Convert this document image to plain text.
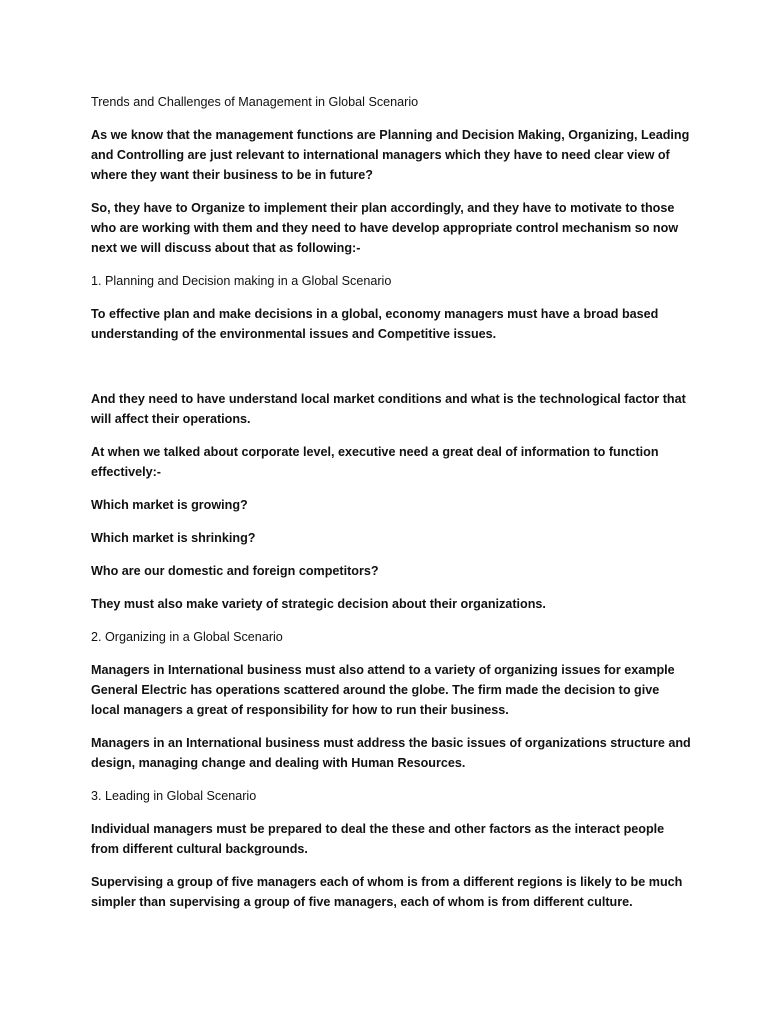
Trends and Challenges of Management in Global Scenario

As we know that the management functions are Planning and Decision Making, Organizing, Leading and Controlling are just relevant to international managers which they have to need clear view of where they want their business to be in future?

So, they have to Organize to implement their plan accordingly, and they have to motivate to those who are working with them and they need to have develop appropriate control mechanism so now next we will discuss about that as following:-

1. Planning and Decision making in a Global Scenario

To effective plan and make decisions in a global, economy managers must have a broad based understanding of the environmental issues and Competitive issues.

And they need to have understand local market conditions and what is the technological factor that will affect their operations.

At when we talked about corporate level, executive need a great deal of information to function effectively:-

Which market is growing?

Which market is shrinking?

Who are our domestic and foreign competitors?

They must also make variety of strategic decision about their organizations.

2. Organizing in a Global Scenario

Managers in International business must also attend to a variety of organizing issues for example General Electric has operations scattered around the globe. The firm made the decision to give local managers a great of responsibility for how to run their business.

Managers in an International business must address the basic issues of organizations structure and design, managing change and dealing with Human Resources.

3. Leading in Global Scenario

Individual managers must be prepared to deal the these and other factors as the interact people from different cultural backgrounds.

Supervising a group of five managers each of whom is from a different regions is likely to be much simpler than supervising a group of five managers, each of whom is from different culture.
